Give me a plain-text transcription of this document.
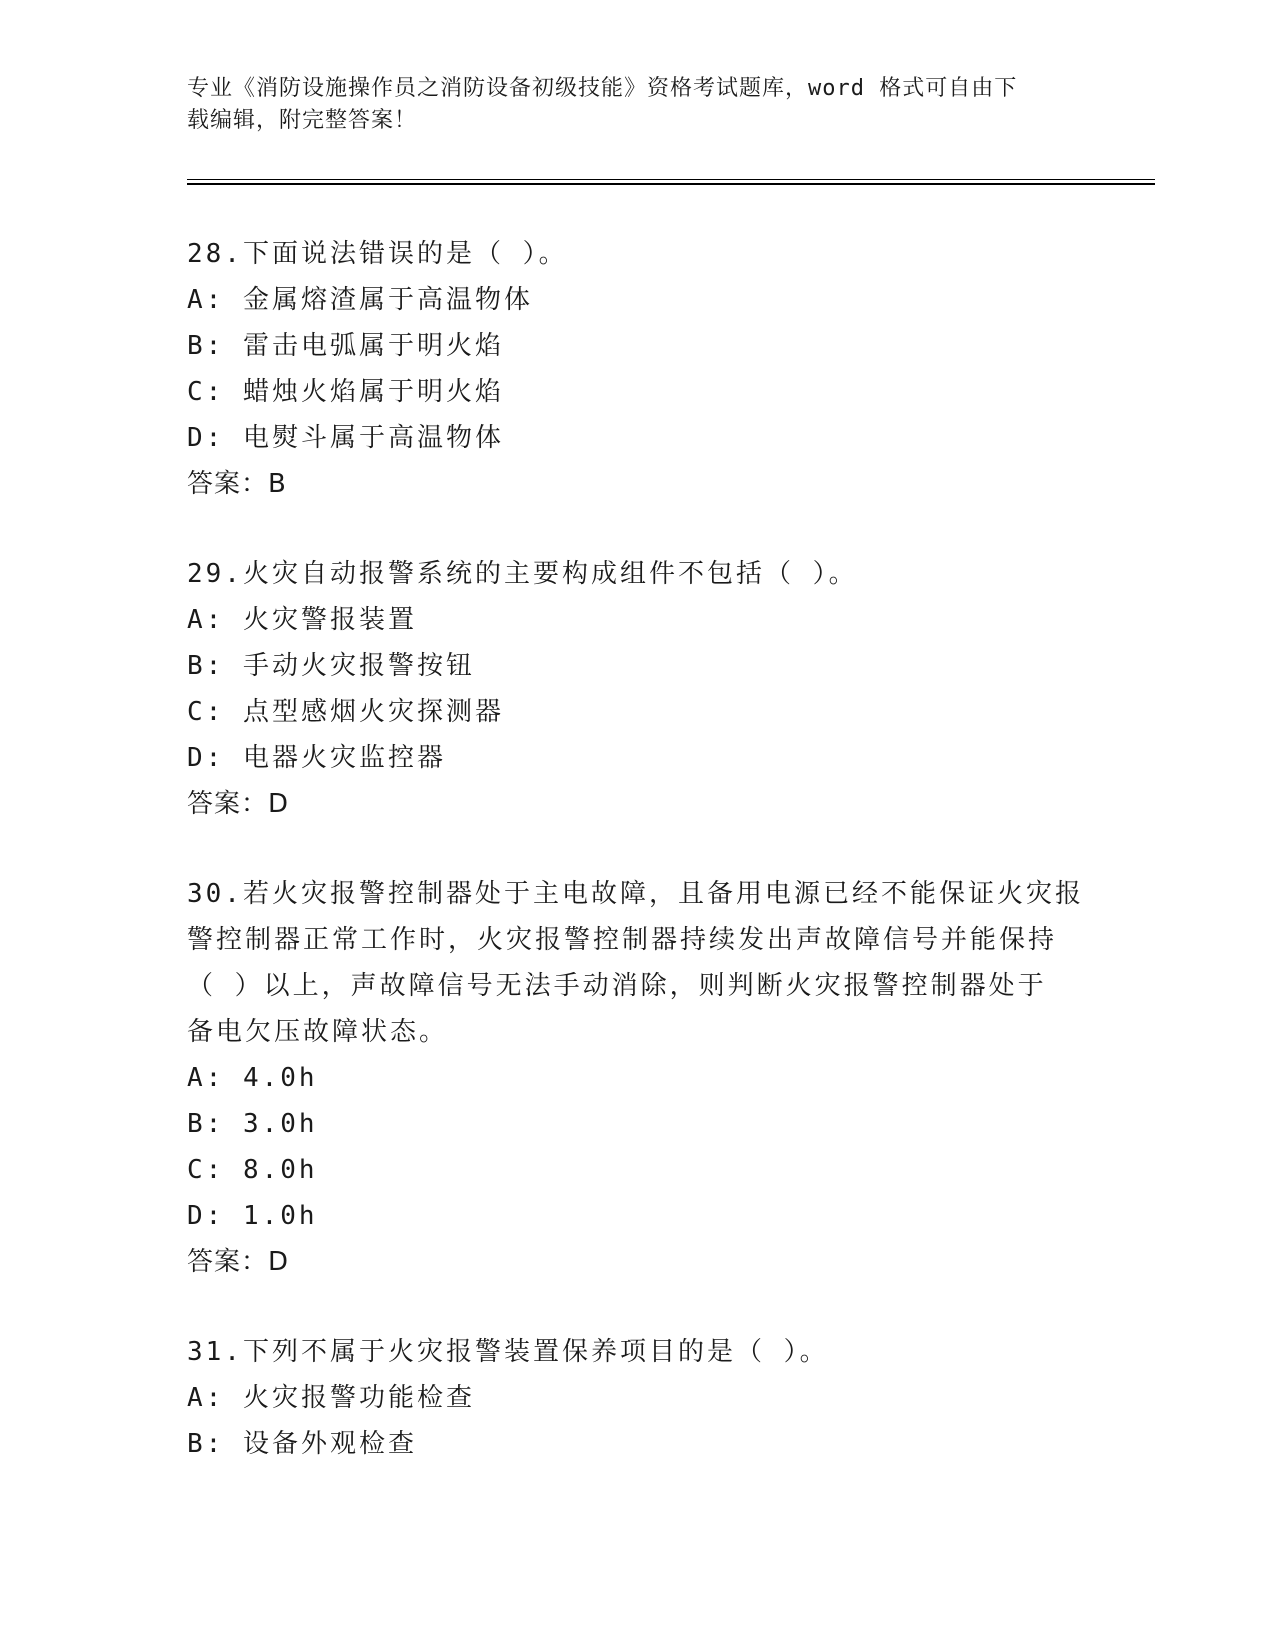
专业《消防设施操作员之消防设备初级技能》资格考试题库，word 格式可自由下
载编辑，附完整答案！
28.下面说法错误的是（ ）。
A: 金属熔渣属于高温物体
B: 雷击电弧属于明火焰
C: 蜡烛火焰属于明火焰
D: 电熨斗属于高温物体
答案：B
29.火灾自动报警系统的主要构成组件不包括（ ）。
A: 火灾警报装置
B: 手动火灾报警按钮
C: 点型感烟火灾探测器
D: 电器火灾监控器
答案：D
30.若火灾报警控制器处于主电故障，且备用电源已经不能保证火灾报
警控制器正常工作时，火灾报警控制器持续发出声故障信号并能保持
（ ）以上，声故障信号无法手动消除，则判断火灾报警控制器处于
备电欠压故障状态。
A: 4.0h
B: 3.0h
C: 8.0h
D: 1.0h
答案：D
31.下列不属于火灾报警装置保养项目的是（ ）。
A: 火灾报警功能检查
B: 设备外观检查
